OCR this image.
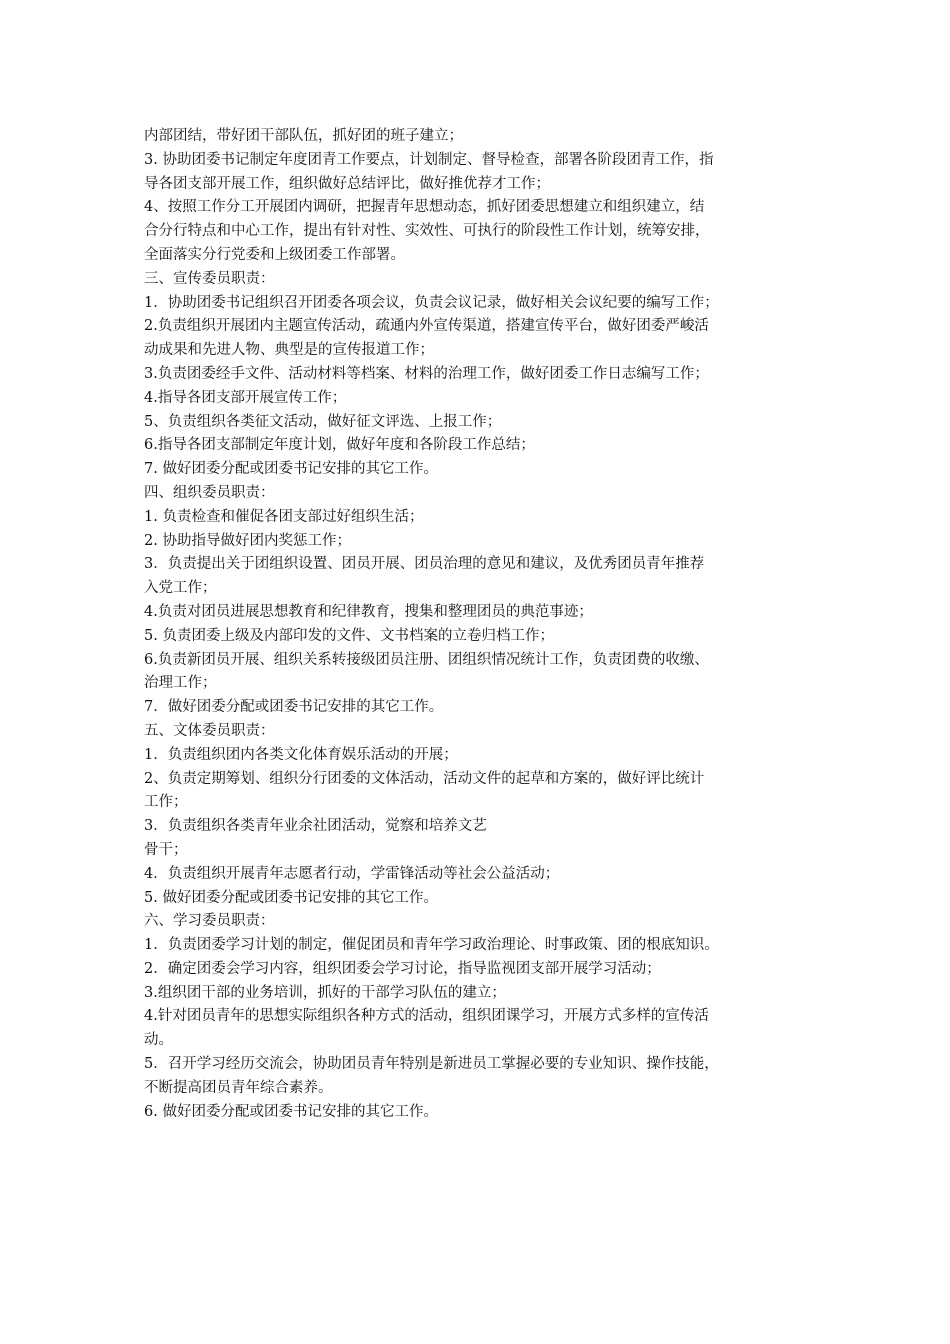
内部团结，带好团干部队伍，抓好团的班子建立；

3. 协助团委书记制定年度团青工作要点，计划制定、督导检查，部署各阶段团青工作，指

导各团支部开展工作，组织做好总结评比，做好推优荐才工作；

4、按照工作分工开展团内调研，把握青年思想动态，抓好团委思想建立和组织建立，结

合分行特点和中心工作，提出有针对性、实效性、可执行的阶段性工作计划，统筹安排，

全面落实分行党委和上级团委工作部署。

三、宣传委员职责：

1．协助团委书记组织召开团委各项会议，负责会议记录，做好相关会议纪要的编写工作；

2.负责组织开展团内主题宣传活动，疏通内外宣传渠道，搭建宣传平台，做好团委严峻活

动成果和先进人物、典型是的宣传报道工作；

3.负责团委经手文件、活动材料等档案、材料的治理工作，做好团委工作日志编写工作；

4.指导各团支部开展宣传工作；

5、负责组织各类征文活动，做好征文评选、上报工作；

6.指导各团支部制定年度计划，做好年度和各阶段工作总结；

7. 做好团委分配或团委书记安排的其它工作。

四、组织委员职责：

1. 负责检查和催促各团支部过好组织生活；

2. 协助指导做好团内奖惩工作；

3．负责提出关于团组织设置、团员开展、团员治理的意见和建议，及优秀团员青年推荐

入党工作；

4.负责对团员进展思想教育和纪律教育，搜集和整理团员的典范事迹；

5. 负责团委上级及内部印发的文件、文书档案的立卷归档工作；

6.负责新团员开展、组织关系转接级团员注册、团组织情况统计工作，负责团费的收缴、

治理工作；

7．做好团委分配或团委书记安排的其它工作。

五、文体委员职责：

1．负责组织团内各类文化体育娱乐活动的开展；

2、负责定期筹划、组织分行团委的文体活动，活动文件的起草和方案的，做好评比统计

工作；

3．负责组织各类青年业余社团活动，觉察和培养文艺

骨干；

4．负责组织开展青年志愿者行动，学雷锋活动等社会公益活动；

5. 做好团委分配或团委书记安排的其它工作。

六、学习委员职责：

1．负责团委学习计划的制定，催促团员和青年学习政治理论、时事政策、团的根底知识。

2．确定团委会学习内容，组织团委会学习讨论，指导监视团支部开展学习活动；

3.组织团干部的业务培训，抓好的干部学习队伍的建立；

4.针对团员青年的思想实际组织各种方式的活动，组织团课学习，开展方式多样的宣传活

动。

5．召开学习经历交流会，协助团员青年特别是新进员工掌握必要的专业知识、操作技能，

不断提高团员青年综合素养。

6. 做好团委分配或团委书记安排的其它工作。
